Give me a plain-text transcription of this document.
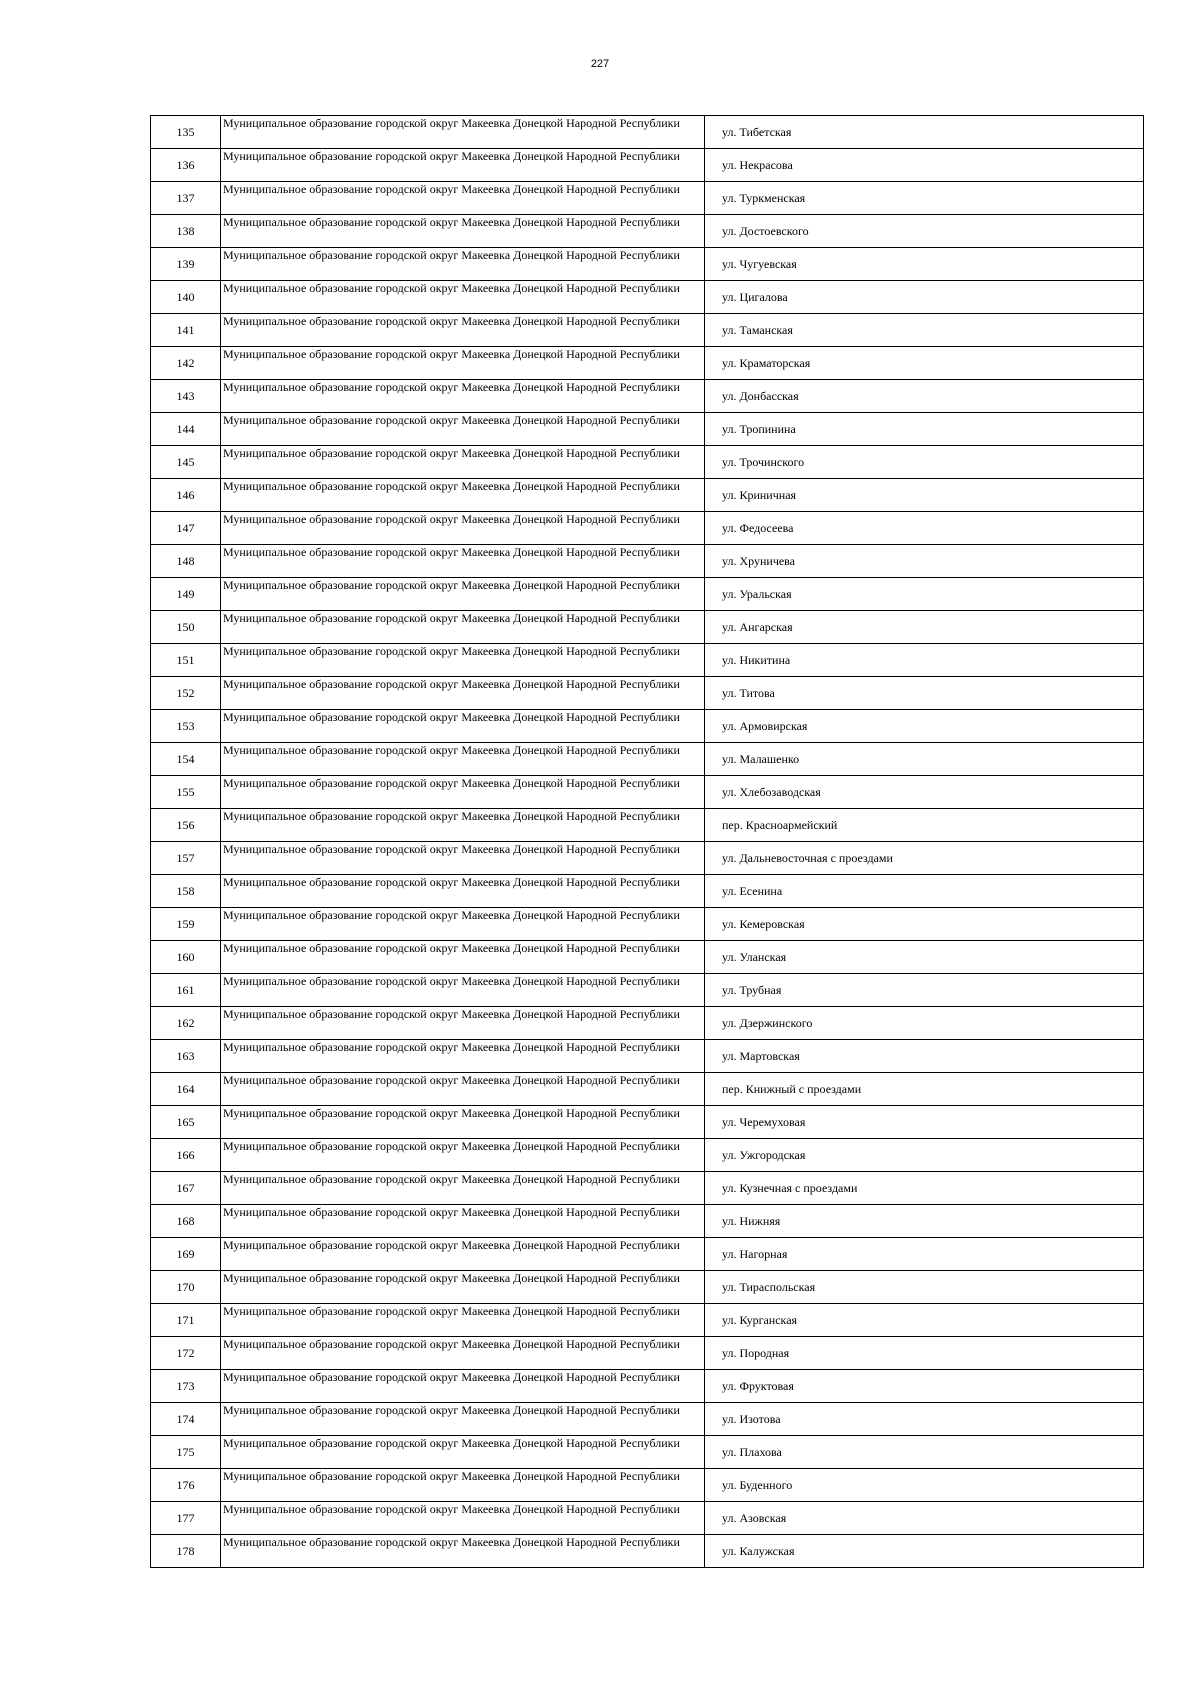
227
135	Муниципальное образование городской округ Макеевка Донецкой Народной Республики	ул. Тибетская
136	Муниципальное образование городской округ Макеевка Донецкой Народной Республики	ул. Некрасова
137	Муниципальное образование городской округ Макеевка Донецкой Народной Республики	ул. Туркменская
138	Муниципальное образование городской округ Макеевка Донецкой Народной Республики	ул. Достоевского
139	Муниципальное образование городской округ Макеевка Донецкой Народной Республики	ул. Чугуевская
140	Муниципальное образование городской округ Макеевка Донецкой Народной Республики	ул. Цигалова
141	Муниципальное образование городской округ Макеевка Донецкой Народной Республики	ул. Таманская
142	Муниципальное образование городской округ Макеевка Донецкой Народной Республики	ул. Краматорская
143	Муниципальное образование городской округ Макеевка Донецкой Народной Республики	ул. Донбасская
144	Муниципальное образование городской округ Макеевка Донецкой Народной Республики	ул. Тропинина
145	Муниципальное образование городской округ Макеевка Донецкой Народной Республики	ул. Трочинского
146	Муниципальное образование городской округ Макеевка Донецкой Народной Республики	ул. Криничная
147	Муниципальное образование городской округ Макеевка Донецкой Народной Республики	ул. Федосеева
148	Муниципальное образование городской округ Макеевка Донецкой Народной Республики	ул. Хруничева
149	Муниципальное образование городской округ Макеевка Донецкой Народной Республики	ул. Уральская
150	Муниципальное образование городской округ Макеевка Донецкой Народной Республики	ул. Ангарская
151	Муниципальное образование городской округ Макеевка Донецкой Народной Республики	ул. Никитина
152	Муниципальное образование городской округ Макеевка Донецкой Народной Республики	ул. Титова
153	Муниципальное образование городской округ Макеевка Донецкой Народной Республики	ул. Армовирская
154	Муниципальное образование городской округ Макеевка Донецкой Народной Республики	ул. Малашенко
155	Муниципальное образование городской округ Макеевка Донецкой Народной Республики	ул. Хлебозаводская
156	Муниципальное образование городской округ Макеевка Донецкой Народной Республики	пер. Красноармейский
157	Муниципальное образование городской округ Макеевка Донецкой Народной Республики	ул. Дальневосточная с проездами
158	Муниципальное образование городской округ Макеевка Донецкой Народной Республики	ул. Есенина
159	Муниципальное образование городской округ Макеевка Донецкой Народной Республики	ул. Кемеровская
160	Муниципальное образование городской округ Макеевка Донецкой Народной Республики	ул. Уланская
161	Муниципальное образование городской округ Макеевка Донецкой Народной Республики	ул. Трубная
162	Муниципальное образование городской округ Макеевка Донецкой Народной Республики	ул. Дзержинского
163	Муниципальное образование городской округ Макеевка Донецкой Народной Республики	ул. Мартовская
164	Муниципальное образование городской округ Макеевка Донецкой Народной Республики	пер. Книжный с проездами
165	Муниципальное образование городской округ Макеевка Донецкой Народной Республики	ул. Черемуховая
166	Муниципальное образование городской округ Макеевка Донецкой Народной Республики	ул. Ужгородская
167	Муниципальное образование городской округ Макеевка Донецкой Народной Республики	ул. Кузнечная с проездами
168	Муниципальное образование городской округ Макеевка Донецкой Народной Республики	ул. Нижняя
169	Муниципальное образование городской округ Макеевка Донецкой Народной Республики	ул. Нагорная
170	Муниципальное образование городской округ Макеевка Донецкой Народной Республики	ул. Тираспольская
171	Муниципальное образование городской округ Макеевка Донецкой Народной Республики	ул. Курганская
172	Муниципальное образование городской округ Макеевка Донецкой Народной Республики	ул. Породная
173	Муниципальное образование городской округ Макеевка Донецкой Народной Республики	ул. Фруктовая
174	Муниципальное образование городской округ Макеевка Донецкой Народной Республики	ул. Изотова
175	Муниципальное образование городской округ Макеевка Донецкой Народной Республики	ул. Плахова
176	Муниципальное образование городской округ Макеевка Донецкой Народной Республики	ул. Буденного
177	Муниципальное образование городской округ Макеевка Донецкой Народной Республики	ул. Азовская
178	Муниципальное образование городской округ Макеевка Донецкой Народной Республики	ул. Калужская
